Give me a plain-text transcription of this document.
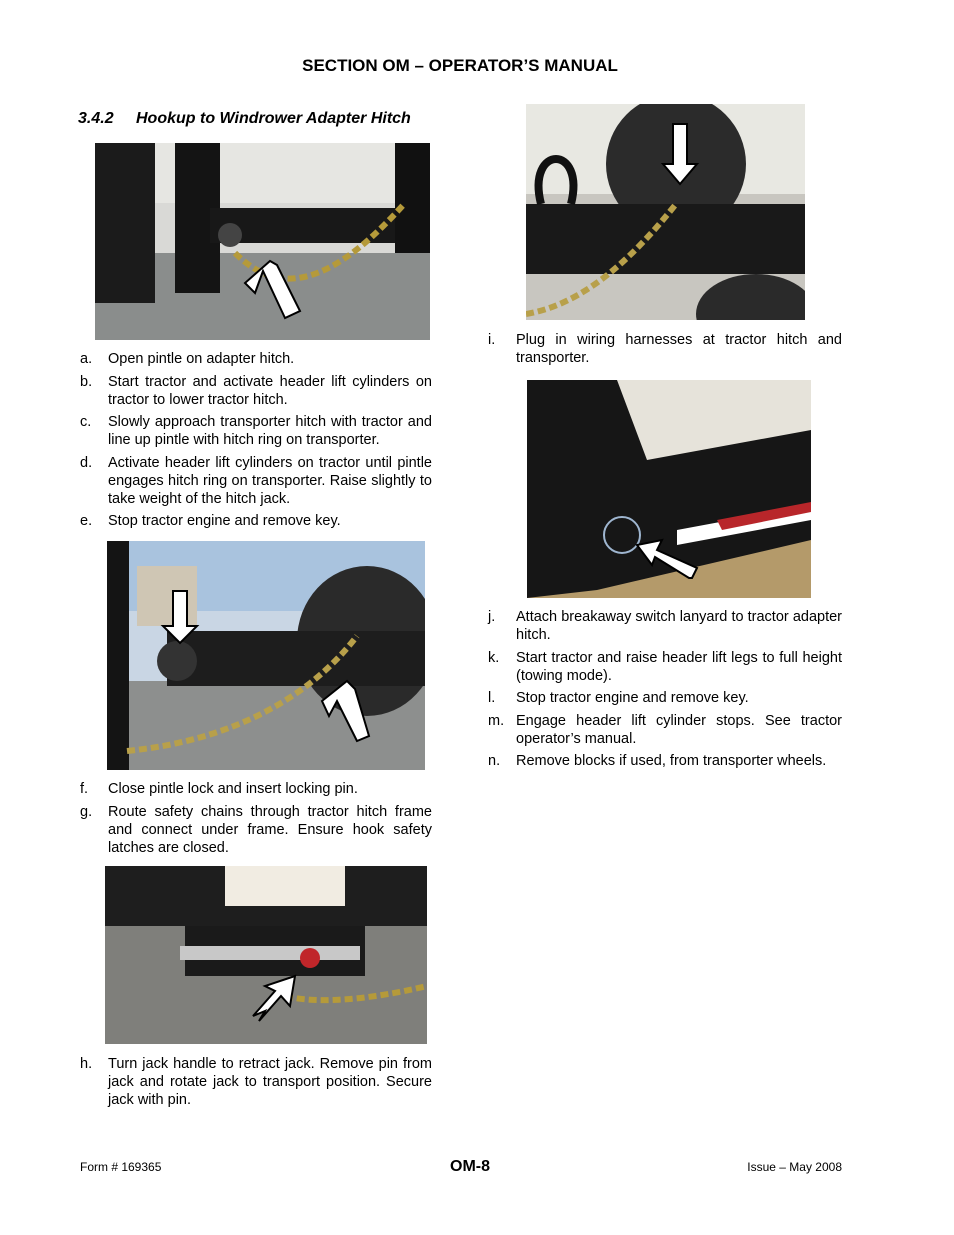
SECTION OM – OPERATOR’S MANUAL
3.4.2 Hookup to Windrower Adapter Hitch
a.	Open pintle on adapter hitch.
b.	Start tractor and activate header lift cylinders on tractor to lower tractor hitch.
c.	Slowly approach transporter hitch with tractor and line up pintle with hitch ring on transporter.
d.	Activate header lift cylinders on tractor until pintle engages hitch ring on transporter. Raise slightly to take weight of the hitch jack.
e.	Stop tractor engine and remove key.
f.	Close pintle lock and insert locking pin.
g.	Route safety chains through tractor hitch frame and connect under frame. Ensure hook safety latches are closed.
h.	Turn jack handle to retract jack. Remove pin from jack and rotate jack to transport position. Secure jack with pin.
i.	Plug in wiring harnesses at tractor hitch and transporter.
j.	Attach breakaway switch lanyard to tractor adapter hitch.
k.	Start tractor and raise header lift legs to full height (towing mode).
l.	Stop tractor engine and remove key.
m. Engage header lift cylinder stops. See tractor operator’s manual.
n.	Remove blocks if used, from transporter wheels.
Form # 169365	OM-8	Issue – May 2008
